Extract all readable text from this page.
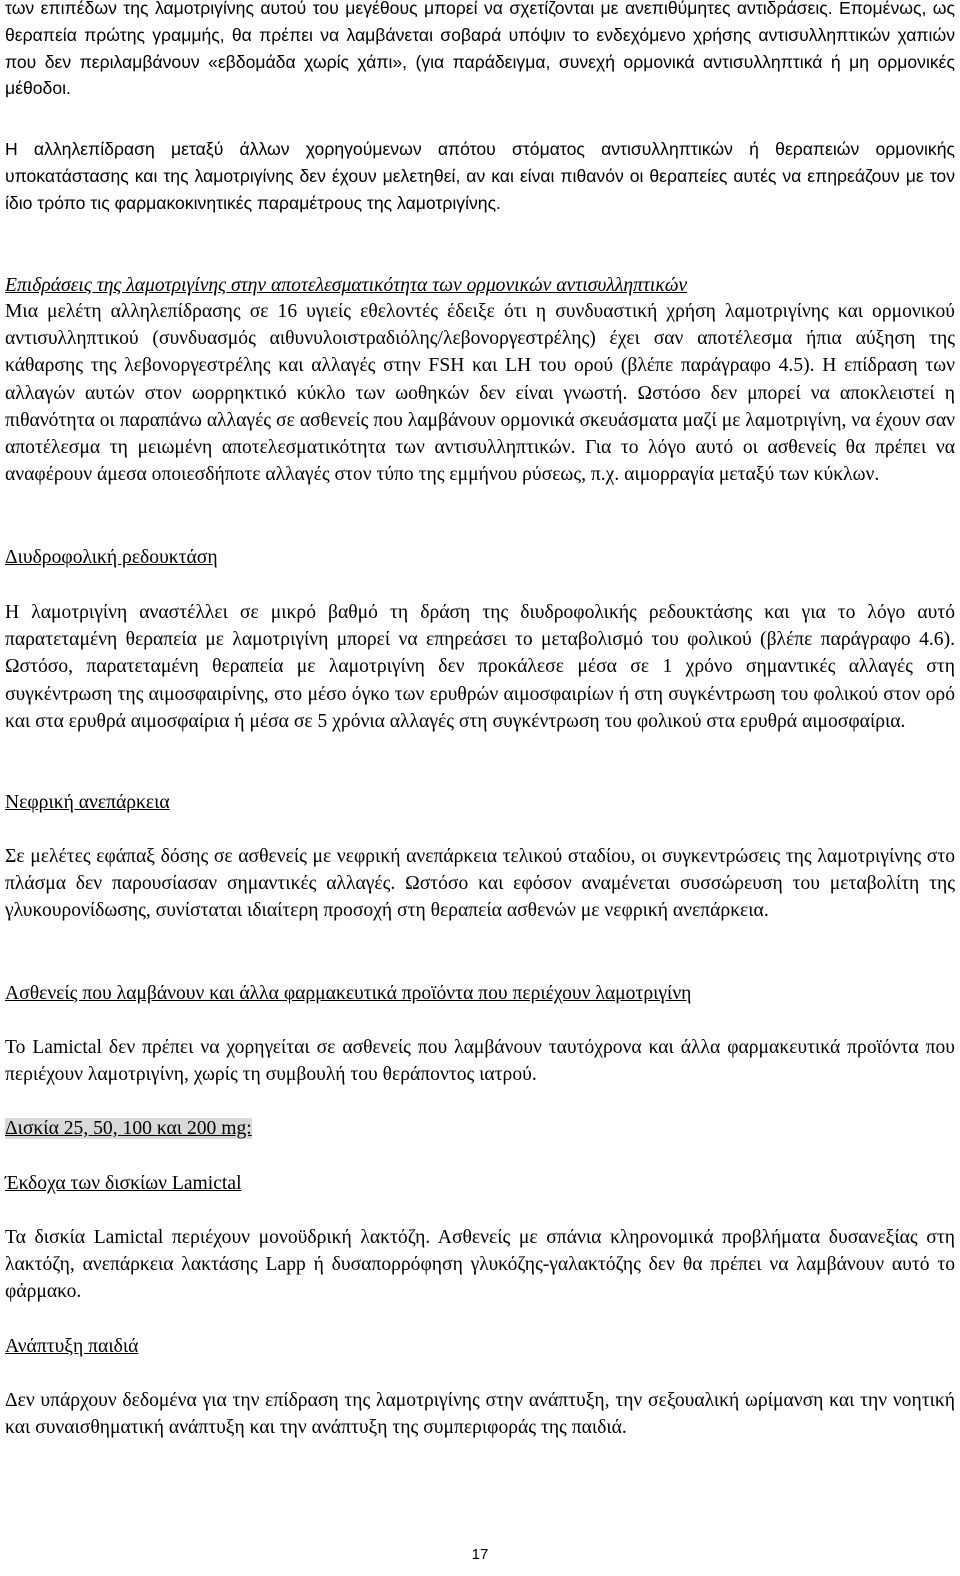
των επιπέδων της λαμοτριγίνης αυτού του μεγέθους μπορεί να σχετίζονται με ανεπιθύμητες αντιδράσεις. Επομένως, ως θεραπεία πρώτης γραμμής, θα πρέπει να λαμβάνεται σοβαρά υπόψιν το ενδεχόμενο χρήσης αντισυλληπτικών χαπιών που δεν περιλαμβάνουν «εβδομάδα χωρίς χάπι», (για παράδειγμα, συνεχή ορμονικά αντισυλληπτικά ή μη ορμονικές μέθοδοι.

Η αλληλεπίδραση μεταξύ άλλων χορηγούμενων απότου στόματος αντισυλληπτικών ή θεραπειών ορμονικής υποκατάστασης και της λαμοτριγίνης δεν έχουν μελετηθεί, αν και είναι πιθανόν οι θεραπείες αυτές να επηρεάζουν με τον ίδιο τρόπο τις φαρμακοκινητικές παραμέτρους της λαμοτριγίνης.

Επιδράσεις της λαμοτριγίνης στην αποτελεσματικότητα των ορμονικών αντισυλληπτικών

Μια μελέτη αλληλεπίδρασης σε 16 υγιείς εθελοντές έδειξε ότι η συνδυαστική χρήση λαμοτριγίνης και ορμονικού αντισυλληπτικού (συνδυασμός αιθυνυλοιστραδιόλης/λεβονοργεστρέλης) έχει σαν αποτέλεσμα ήπια αύξηση της κάθαρσης της λεβονοργεστρέλης και αλλαγές στην FSH και LH του ορού (βλέπε παράγραφο 4.5). Η επίδραση των αλλαγών αυτών στον ωορρηκτικό κύκλο των ωοθηκών δεν είναι γνωστή. Ωστόσο δεν μπορεί να αποκλειστεί η πιθανότητα οι παραπάνω αλλαγές σε ασθενείς που λαμβάνουν ορμονικά σκευάσματα μαζί με λαμοτριγίνη, να έχουν σαν αποτέλεσμα τη μειωμένη αποτελεσματικότητα των αντισυλληπτικών. Για το λόγο αυτό οι ασθενείς θα πρέπει να αναφέρουν άμεσα οποιεσδήποτε αλλαγές στον τύπο της εμμήνου ρύσεως, π.χ. αιμορραγία μεταξύ των κύκλων.

Διυδροφολική ρεδουκτάση

Η λαμοτριγίνη αναστέλλει σε μικρό βαθμό τη δράση της διυδροφολικής ρεδουκτάσης και για το λόγο αυτό παρατεταμένη θεραπεία με λαμοτριγίνη μπορεί να επηρεάσει το μεταβολισμό του φολικού (βλέπε παράγραφο 4.6). Ωστόσο, παρατεταμένη θεραπεία με λαμοτριγίνη δεν προκάλεσε μέσα σε 1 χρόνο σημαντικές αλλαγές στη συγκέντρωση της αιμοσφαιρίνης, στο μέσο όγκο των ερυθρών αιμοσφαιρίων ή στη συγκέντρωση του φολικού στον ορό και στα ερυθρά αιμοσφαίρια ή μέσα σε 5 χρόνια αλλαγές στη συγκέντρωση του φολικού στα ερυθρά αιμοσφαίρια.

Νεφρική ανεπάρκεια

Σε μελέτες εφάπαξ δόσης σε ασθενείς με νεφρική ανεπάρκεια τελικού σταδίου, οι συγκεντρώσεις της λαμοτριγίνης στο πλάσμα δεν παρουσίασαν σημαντικές αλλαγές. Ωστόσο και εφόσον αναμένεται συσσώρευση του μεταβολίτη της γλυκουρονίδωσης, συνίσταται ιδιαίτερη προσοχή στη θεραπεία ασθενών με νεφρική ανεπάρκεια.

Ασθενείς που λαμβάνουν και άλλα φαρμακευτικά προϊόντα που περιέχουν λαμοτριγίνη

Το Lamictal δεν πρέπει να χορηγείται σε ασθενείς που λαμβάνουν ταυτόχρονα και άλλα φαρμακευτικά προϊόντα που περιέχουν λαμοτριγίνη, χωρίς τη συμβουλή του θεράποντος ιατρού.

Δισκία 25, 50, 100 και 200 mg:

Έκδοχα των δισκίων Lamictal

Τα δισκία Lamictal περιέχουν μονοϋδρική λακτόζη. Ασθενείς με σπάνια κληρονομικά προβλήματα δυσανεξίας στη λακτόζη, ανεπάρκεια λακτάσης Lapp ή δυσαπορρόφηση γλυκόζης-γαλακτόζης δεν θα πρέπει να λαμβάνουν αυτό το φάρμακο.

Ανάπτυξη παιδιά

Δεν υπάρχουν δεδομένα για την επίδραση της λαμοτριγίνης στην ανάπτυξη, την σεξουαλική ωρίμανση και την νοητική και συναισθηματική ανάπτυξη και την ανάπτυξη της συμπεριφοράς της παιδιά.

17
